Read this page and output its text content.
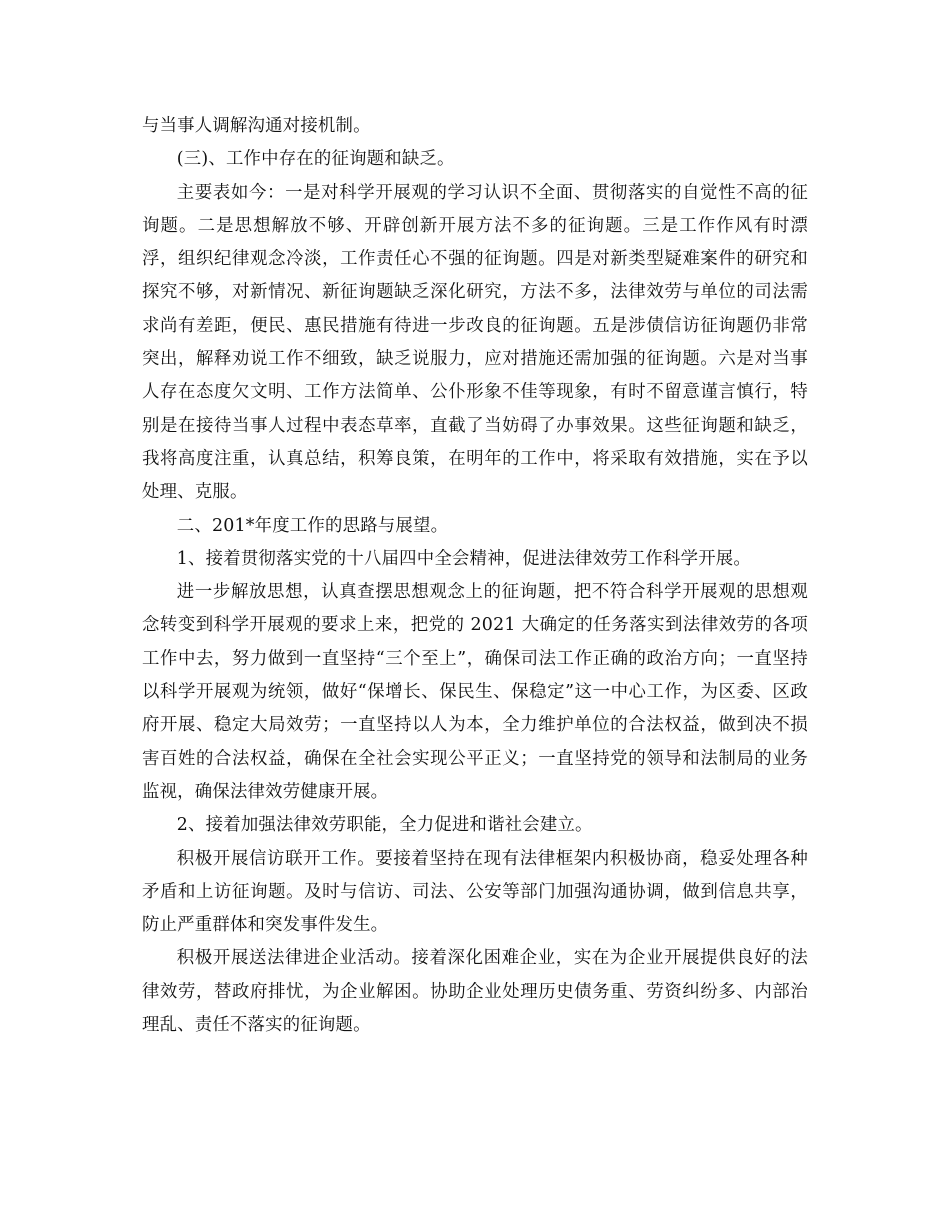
与当事人调解沟通对接机制。

(三)、工作中存在的征询题和缺乏。

主要表如今：一是对科学开展观的学习认识不全面、贯彻落实的自觉性不高的征询题。二是思想解放不够、开辟创新开展方法不多的征询题。三是工作作风有时漂浮，组织纪律观念冷淡，工作责任心不强的征询题。四是对新类型疑难案件的研究和探究不够，对新情况、新征询题缺乏深化研究，方法不多，法律效劳与单位的司法需求尚有差距，便民、惠民措施有待进一步改良的征询题。五是涉债信访征询题仍非常突出，解释劝说工作不细致，缺乏说服力，应对措施还需加强的征询题。六是对当事人存在态度欠文明、工作方法简单、公仆形象不佳等现象，有时不留意谨言慎行，特别是在接待当事人过程中表态草率，直截了当妨碍了办事效果。这些征询题和缺乏，我将高度注重，认真总结，积筹良策，在明年的工作中，将采取有效措施，实在予以处理、克服。

二、201*年度工作的思路与展望。

1、接着贯彻落实党的十八届四中全会精神，促进法律效劳工作科学开展。

进一步解放思想，认真查摆思想观念上的征询题，把不符合科学开展观的思想观念转变到科学开展观的要求上来，把党的 2021 大确定的任务落实到法律效劳的各项工作中去，努力做到一直坚持“三个至上”，确保司法工作正确的政治方向；一直坚持以科学开展观为统领，做好“保增长、保民生、保稳定”这一中心工作，为区委、区政府开展、稳定大局效劳；一直坚持以人为本，全力维护单位的合法权益，做到决不损害百姓的合法权益，确保在全社会实现公平正义；一直坚持党的领导和法制局的业务监视，确保法律效劳健康开展。

2、接着加强法律效劳职能，全力促进和谐社会建立。

积极开展信访联开工作。要接着坚持在现有法律框架内积极协商，稳妥处理各种矛盾和上访征询题。及时与信访、司法、公安等部门加强沟通协调，做到信息共享，防止严重群体和突发事件发生。

积极开展送法律进企业活动。接着深化困难企业，实在为企业开展提供良好的法律效劳，替政府排忧，为企业解困。协助企业处理历史债务重、劳资纠纷多、内部治理乱、责任不落实的征询题。
